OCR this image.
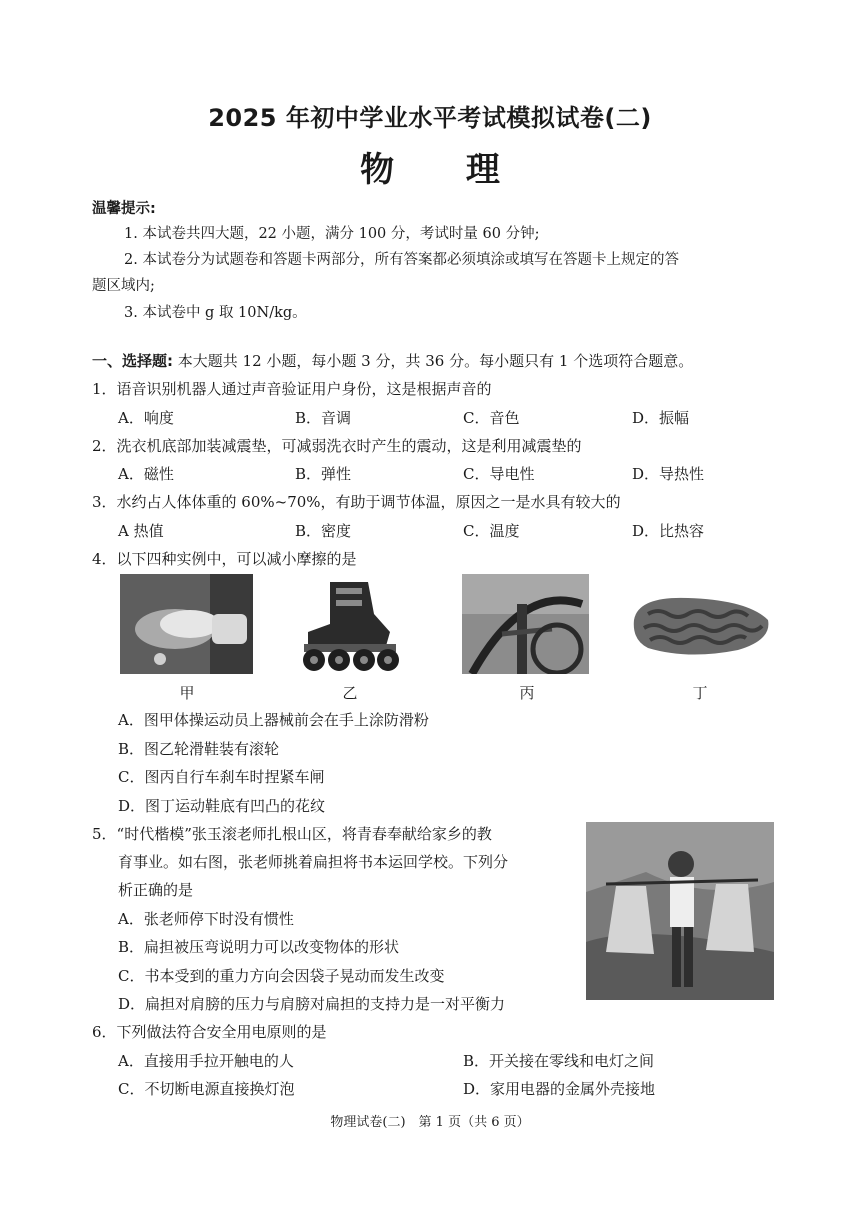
2025 年初中学业水平考试模拟试卷(二)
物 理
温馨提示:
1. 本试卷共四大题，22 小题，满分 100 分，考试时量 60 分钟;
2. 本试卷分为试题卷和答题卡两部分，所有答案都必须填涂或填写在答题卡上规定的答
题区域内;
3. 本试卷中 g 取 10N/kg。
一、选择题: 本大题共 12 小题，每小题 3 分，共 36 分。每小题只有 1 个选项符合题意。
1．语音识别机器人通过声音验证用户身份，这是根据声音的
A．响度	B．音调	C．音色	D．振幅
2．洗衣机底部加装减震垫，可减弱洗衣时产生的震动，这是利用减震垫的
A．磁性	B．弹性	C．导电性	D．导热性
3．水约占人体体重的 60%~70%，有助于调节体温，原因之一是水具有较大的
A 热值	B．密度	C．温度	D．比热容
4．以下四种实例中，可以减小摩擦的是
甲	乙	丙	丁
A．图甲体操运动员上器械前会在手上涂防滑粉
B．图乙轮滑鞋装有滚轮
C．图丙自行车刹车时捏紧车闸
D．图丁运动鞋底有凹凸的花纹
5．“时代楷模”张玉滚老师扎根山区，将青春奉献给家乡的教
育事业。如右图，张老师挑着扁担将书本运回学校。下列分
析正确的是
A．张老师停下时没有惯性
B．扁担被压弯说明力可以改变物体的形状
C．书本受到的重力方向会因袋子晃动而发生改变
D．扁担对肩膀的压力与肩膀对扁担的支持力是一对平衡力
6．下列做法符合安全用电原则的是
A．直接用手拉开触电的人	B．开关接在零线和电灯之间
C．不切断电源直接换灯泡	D．家用电器的金属外壳接地
物理试卷(二)　第 1 页（共 6 页）
